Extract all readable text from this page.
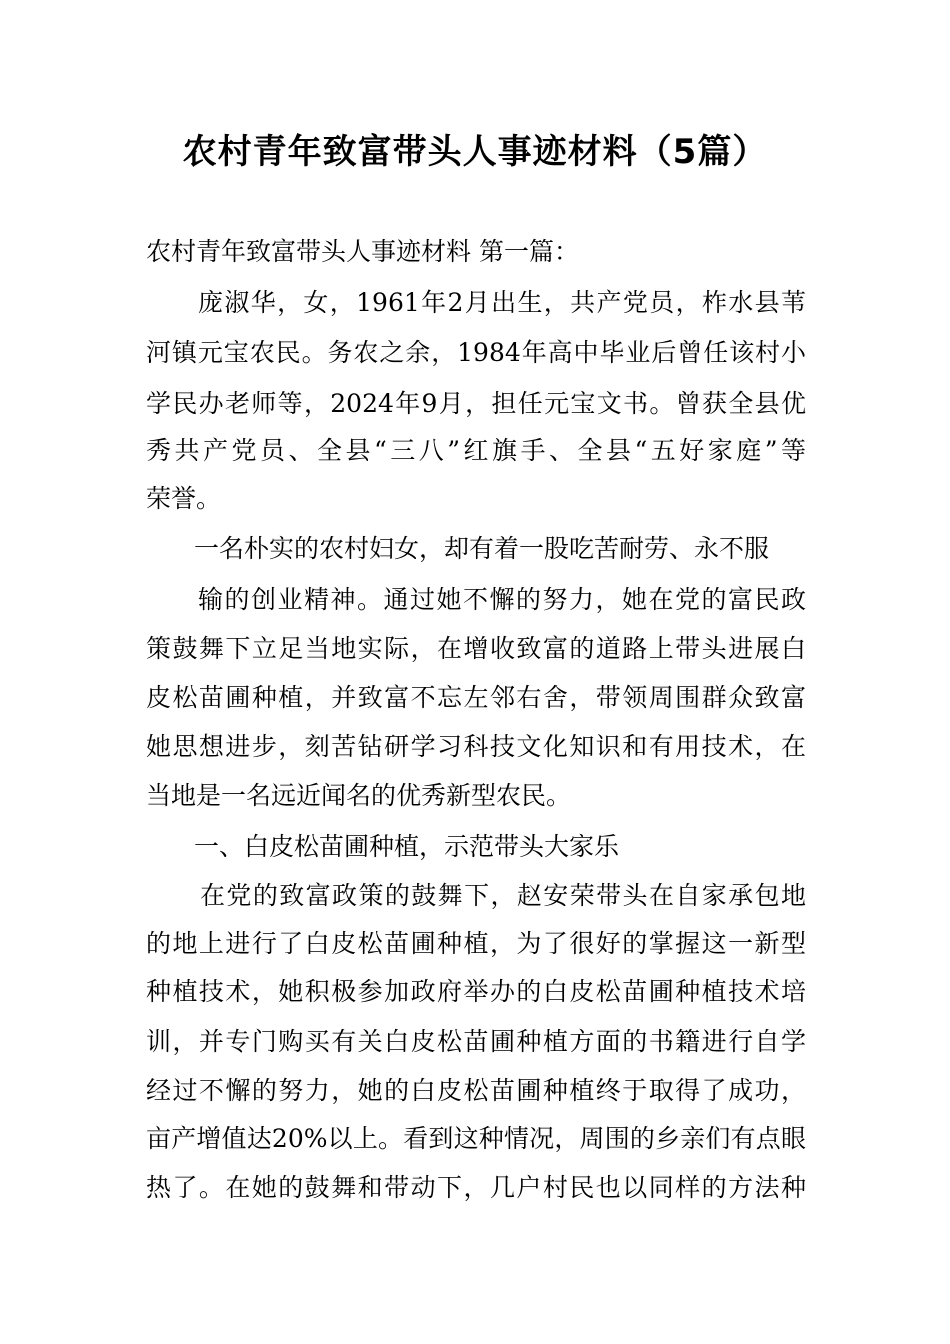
农村青年致富带头人事迹材料（5篇）

农村青年致富带头人事迹材料 第一篇：

庞淑华，女，1961年2月出生，共产党员，柞水县苇

河镇元宝农民。务农之余，1984年高中毕业后曾任该村小

学民办老师等，2024年9月，担任元宝文书。曾获全县优

秀共产党员、全县“三八”红旗手、全县“五好家庭”等

荣誉。

一名朴实的农村妇女，却有着一股吃苦耐劳、永不服

输的创业精神。通过她不懈的努力，她在党的富民政

策鼓舞下立足当地实际，在增收致富的道路上带头进展白

皮松苗圃种植，并致富不忘左邻右舍，带领周围群众致富

她思想进步，刻苦钻研学习科技文化知识和有用技术，在

当地是一名远近闻名的优秀新型农民。

一、白皮松苗圃种植，示范带头大家乐

在党的致富政策的鼓舞下，赵安荣带头在自家承包地

的地上进行了白皮松苗圃种植，为了很好的掌握这一新型

种植技术，她积极参加政府举办的白皮松苗圃种植技术培

训，并专门购买有关白皮松苗圃种植方面的书籍进行自学

经过不懈的努力，她的白皮松苗圃种植终于取得了成功，

亩产增值达20%以上。看到这种情况，周围的乡亲们有点眼

热了。在她的鼓舞和带动下，几户村民也以同样的方法种
